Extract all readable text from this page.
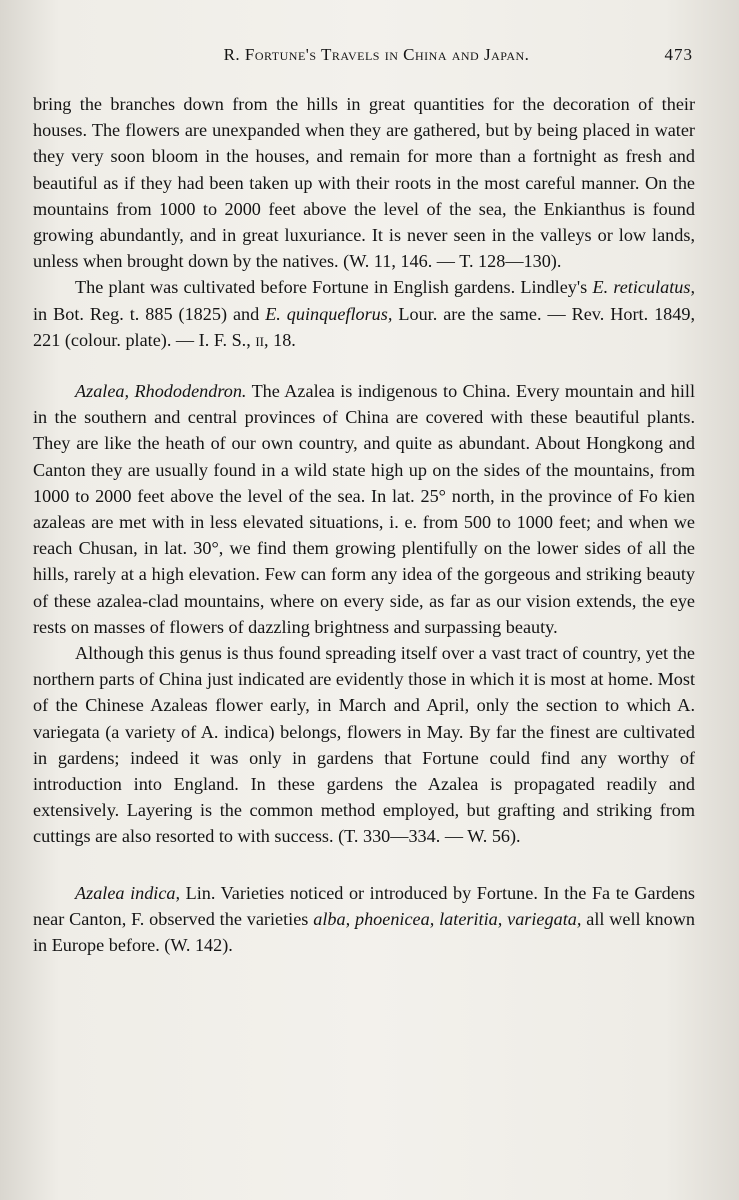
R. Fortune's Travels in China and Japan.	473

bring the branches down from the hills in great quantities for the decoration of their houses. The flowers are unexpanded when they are gathered, but by being placed in water they very soon bloom in the houses, and remain for more than a fortnight as fresh and beautiful as if they had been taken up with their roots in the most careful manner. On the mountains from 1000 to 2000 feet above the level of the sea, the Enkianthus is found growing abundantly, and in great luxuriance. It is never seen in the valleys or low lands, unless when brought down by the natives. (W. 11, 146. — T. 128—130).

The plant was cultivated before Fortune in English gardens. Lindley's E. reticulatus, in Bot. Reg. t. 885 (1825) and E. quinqueflorus, Lour. are the same. — Rev. Hort. 1849, 221 (colour. plate). — I. F. S., ii, 18.

Azalea, Rhododendron. The Azalea is indigenous to China. Every mountain and hill in the southern and central provinces of China are covered with these beautiful plants. They are like the heath of our own country, and quite as abundant. About Hongkong and Canton they are usually found in a wild state high up on the sides of the mountains, from 1000 to 2000 feet above the level of the sea. In lat. 25° north, in the province of Fo kien azaleas are met with in less elevated situations, i. e. from 500 to 1000 feet; and when we reach Chusan, in lat. 30°, we find them growing plentifully on the lower sides of all the hills, rarely at a high elevation. Few can form any idea of the gorgeous and striking beauty of these azalea-clad mountains, where on every side, as far as our vision extends, the eye rests on masses of flowers of dazzling brightness and surpassing beauty.

Although this genus is thus found spreading itself over a vast tract of country, yet the northern parts of China just indicated are evidently those in which it is most at home. Most of the Chinese Azaleas flower early, in March and April, only the section to which A. variegata (a variety of A. indica) belongs, flowers in May. By far the finest are cultivated in gardens; indeed it was only in gardens that Fortune could find any worthy of introduction into England. In these gardens the Azalea is propagated readily and extensively. Layering is the common method employed, but grafting and striking from cuttings are also resorted to with success. (T. 330—334. — W. 56).

Azalea indica, Lin. Varieties noticed or introduced by Fortune. In the Fa te Gardens near Canton, F. observed the varieties alba, phoenicea, lateritia, variegata, all well known in Europe before. (W. 142).
